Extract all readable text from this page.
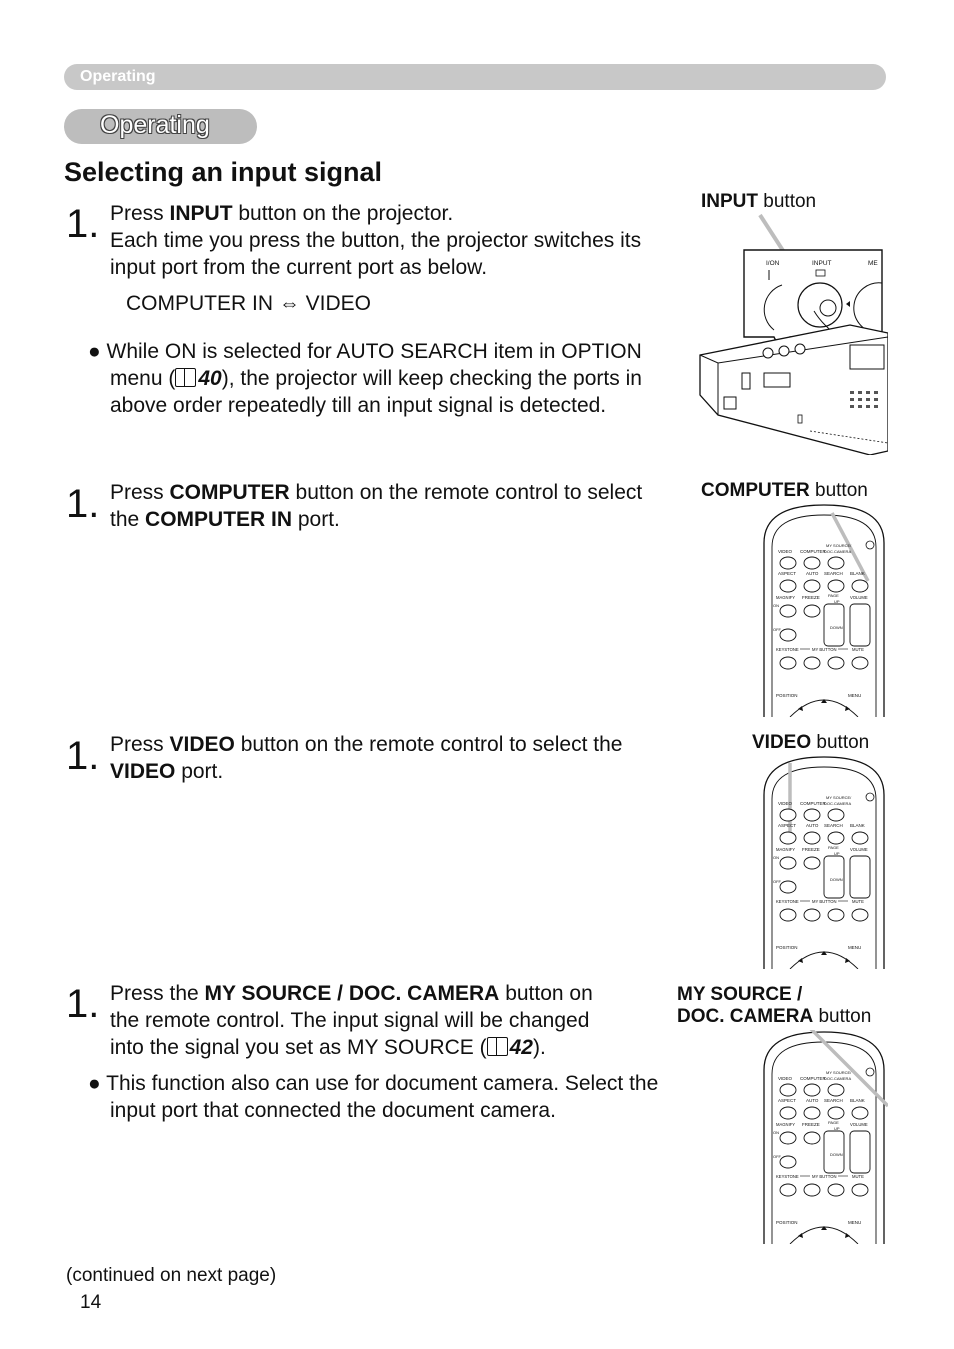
Operating
Operating
Selecting an input signal
1. Press INPUT button on the projector.
Each time you press the button, the projector switches its
input port from the current port as below.
COMPUTER IN ⇔ VIDEO
● While ON is selected for AUTO SEARCH item in OPTION
menu ( 40), the projector will keep checking the ports in
above order repeatedly till an input signal is detected.
INPUT button
I/ON	INPUT	ME
1. Press COMPUTER button on the remote control to select
the COMPUTER IN port.
COMPUTER button
1. Press VIDEO button on the remote control to select the
VIDEO port.
VIDEO button
1. Press the MY SOURCE / DOC. CAMERA button on
the remote control. The input signal will be changed
into the signal you set as MY SOURCE ( 42).
● This function also can use for document camera. Select the
input port that connected the document camera.
MY SOURCE /
DOC. CAMERA button
VIDEO COMPUTER
MY SOURCE/
DOC.CAMERA
ASPECT AUTO SEARCH BLANK
MAGNIFY FREEZE PAGE
UP
VOLUME
ON
DOWN
OFF
KEYSTONE	MY BUTTON	MUTE
POSITION	MENU
VIDEO COMPUTER
MY SOURCE/
DOC.CAMERA
ASPECT AUTO SEARCH BLANK
MAGNIFY FREEZE PAGE
UP
VOLUME
ON
DOWN
OFF
KEYSTONE	MY BUTTON	MUTE
POSITION	MENU
VIDEO COMPUTER
MY SOURCE/
DOC.CAMERA
ASPECT AUTO SEARCH BLANK
MAGNIFY FREEZE PAGE
UP
VOLUME
ON
DOWN
OFF
KEYSTONE	MY BUTTON	MUTE
POSITION	MENU
(continued on next page)
14
